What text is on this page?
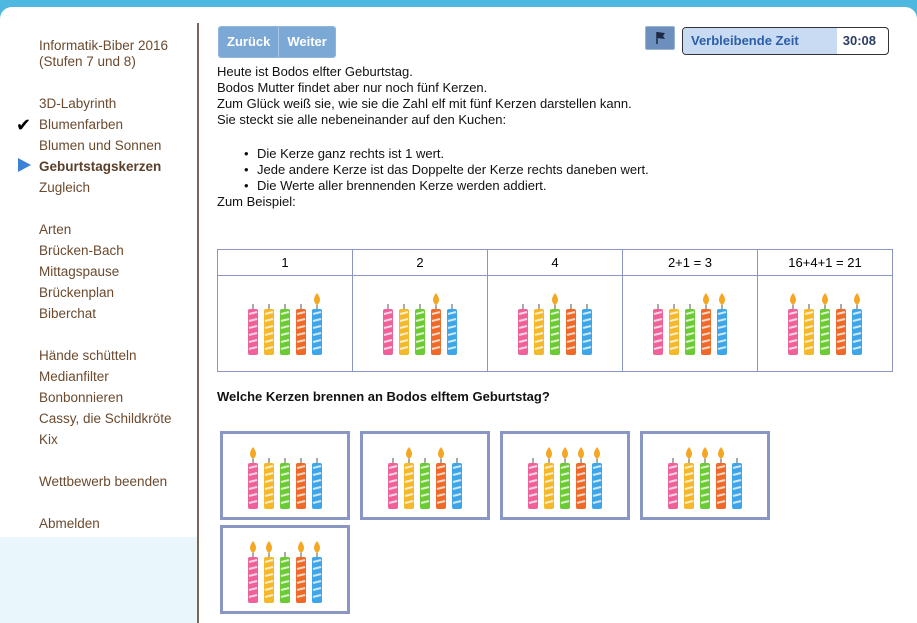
Informatik-Biber 2016
(Stufen 7 und 8)
3D-Labyrinth
✔ Blumenfarben
Blumen und Sonnen
Geburtstagskerzen
Zugleich
Arten
Brücken-Bach
Mittagspause
Brückenplan
Biberchat
Hände schütteln
Medianfilter
Bonbonnieren
Cassy, die Schildkröte
Kix
Wettbewerb beenden
Abmelden
Zurück	Weiter	Verbleibende Zeit	30:08

Heute ist Bodos elfter Geburtstag.

Bodos Mutter findet aber nur noch fünf Kerzen.

Zum Glück weiß sie, wie sie die Zahl elf mit fünf Kerzen darstellen kann.

Sie steckt sie alle nebeneinander auf den Kuchen:

• Die Kerze ganz rechts ist 1 wert.
• Jede andere Kerze ist das Doppelte der Kerze rechts daneben wert.
• Die Werte aller brennenden Kerze werden addiert.

Zum Beispiel:

1	2	4	2+1 = 3	16+4+1 = 21

Welche Kerzen brennen an Bodos elftem Geburtstag?
